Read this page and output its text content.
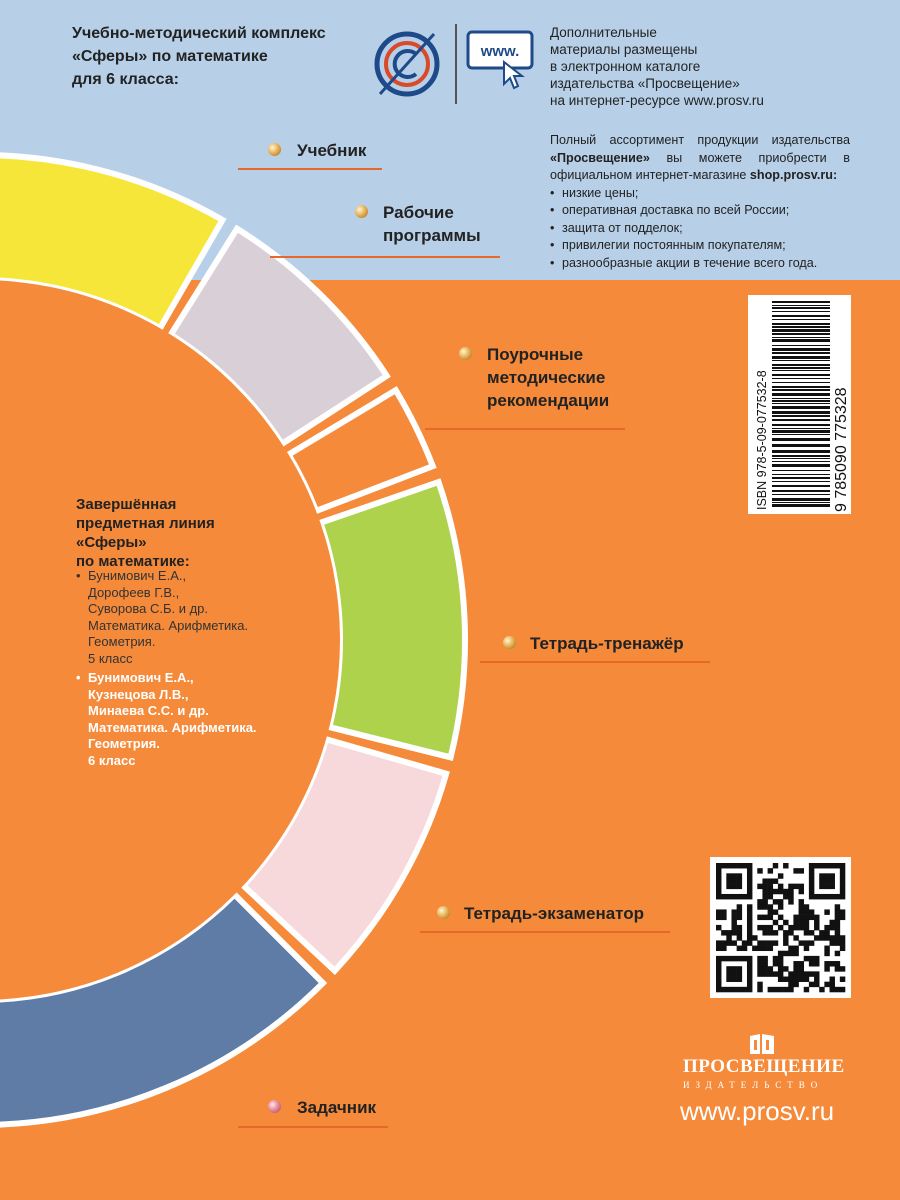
Учебно-методический комплекс
«Сферы» по математике
для 6 класса:
www.
Дополнительные
материалы размещены
в электронном каталоге
издательства «Просвещение»
на интернет-ресурсе www.prosv.ru
Полный ассортимент продукции издательства «Просвещение» вы можете приобрести в официальном интернет-магазине shop.prosv.ru:
• низкие цены;
• оперативная доставка по всей России;
• защита от подделок;
• привилегии постоянным покупателям;
• разнообразные акции в течение всего года.
Учебник
Рабочие
программы
Поурочные
методические
рекомендации
Тетрадь-тренажёр
Тетрадь-экзаменатор
Задачник
Завершённая
предметная линия
«Сферы»
по математике:
• Бунимович Е.А.,
Дорофеев Г.В.,
Суворова С.Б. и др.
Математика. Арифметика.
Геометрия.
5 класс
• Бунимович Е.А.,
Кузнецова Л.В.,
Минаева С.С. и др.
Математика. Арифметика.
Геометрия.
6 класс
ISBN 978-5-09-077532-8	9 785090 775328
ПРОСВЕЩЕНИЕ
ИЗДАТЕЛЬСТВО
www.prosv.ru
